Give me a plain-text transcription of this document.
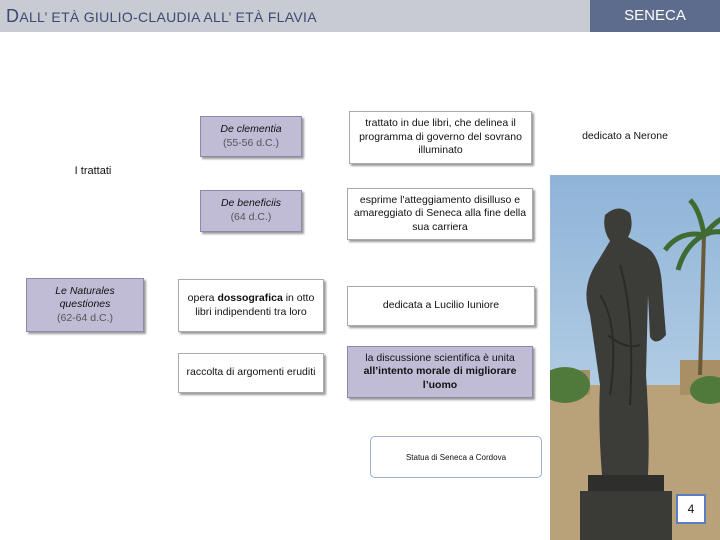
DALL’ ETÀ GIULIO-CLAUDIA ALL’ ETÀ FLAVIA	SENECA
I trattati
De clementia
(55-56 d.C.)
trattato in due libri, che delinea il programma di governo del sovrano illuminato
dedicato a Nerone
De beneficiis
(64 d.C.)
esprime l'atteggiamento disilluso e amareggiato di Seneca alla fine della sua carriera
Le Naturales questiones
(62-64 d.C.)
opera dossografica in otto libri indipendenti tra loro
dedicata a Lucilio Iuniore
raccolta di argomenti eruditi
la discussione scientifica è unita all’intento morale di migliorare l’uomo
Statua di Seneca a Cordova
4
